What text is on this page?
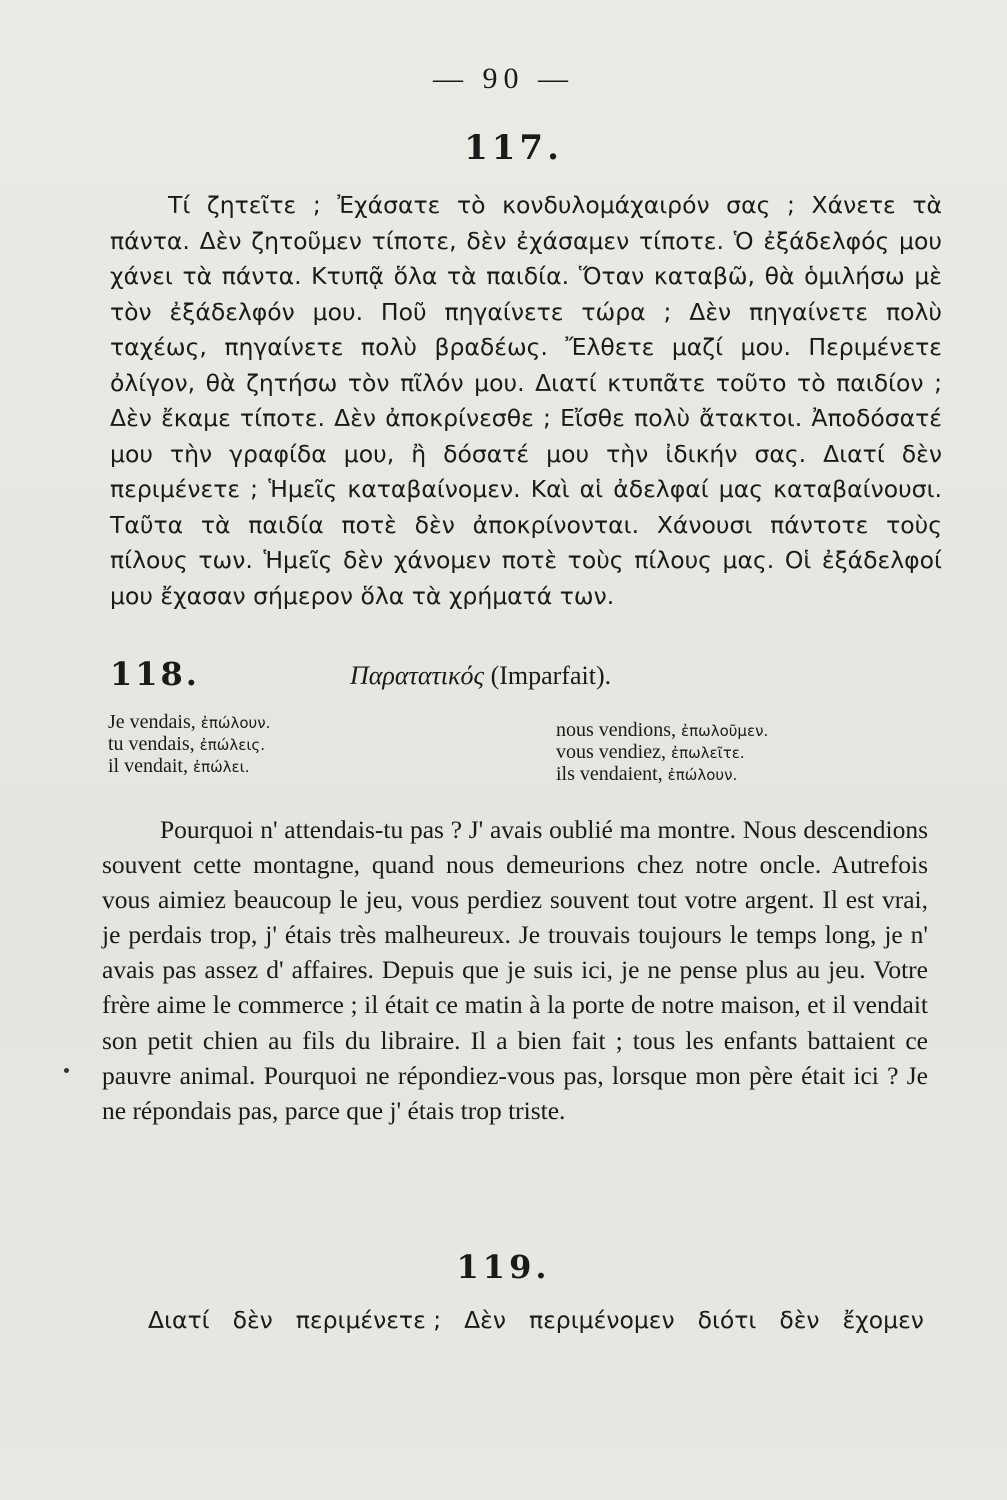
— 90 —
117.

Τί ζητεῖτε ; Ἐχάσατε τὸ κονδυλομάχαιρόν σας ; Χάνετε τὰ πάντα. Δὲν ζητοῦμεν τίποτε, δὲν ἐχάσαμεν τίποτε. Ὁ ἐξάδελφός μου χάνει τὰ πάντα. Κτυπᾷ ὅλα τὰ παιδία. Ὅταν καταβῶ, θὰ ὁμιλήσω μὲ τὸν ἐξάδελφόν μου. Ποῦ πηγαίνετε τώρα ; Δὲν πηγαίνετε πολὺ ταχέως, πηγαίνετε πολὺ βραδέως. Ἔλθετε μαζί μου. Περιμένετε ὀλίγον, θὰ ζητήσω τὸν πῖλόν μου. Διατί κτυπᾶτε τοῦτο τὸ παιδίον ; Δὲν ἔκαμε τίποτε. Δὲν ἀποκρίνεσθε ; Εἴσθε πολὺ ἄτακτοι. Ἀποδόσατέ μου τὴν γραφίδα μου, ἢ δόσατέ μου τὴν ἰδικήν σας. Διατί δὲν περιμένετε ; Ἡμεῖς καταβαίνομεν. Καὶ αἱ ἀδελφαί μας καταβαίνουσι. Ταῦτα τὰ παιδία ποτὲ δὲν ἀποκρίνονται. Χάνουσι πάντοτε τοὺς πίλους των. Ἡμεῖς δὲν χάνομεν ποτὲ τοὺς πίλους μας. Οἱ ἐξάδελφοί μου ἔχασαν σήμερον ὅλα τὰ χρήματά των.

118.	Παρατατικός (Imparfait).
Je vendais, ἐπώλουν.
tu vendais, ἐπώλεις.
il vendait, ἐπώλει.
nous vendions, ἐπωλοῦμεν.
vous vendiez, ἐπωλεῖτε.
ils vendaient, ἐπώλουν.

Pourquoi n' attendais-tu pas ? J' avais oublié ma montre. Nous descendions souvent cette montagne, quand nous demeurions chez notre oncle. Autrefois vous aimiez beaucoup le jeu, vous perdiez souvent tout votre argent. Il est vrai, je perdais trop, j' étais très malheureux. Je trouvais toujours le temps long, je n' avais pas assez d' affaires. Depuis que je suis ici, je ne pense plus au jeu. Votre frère aime le commerce ; il était ce matin à la porte de notre maison, et il vendait son petit chien au fils du libraire. Il a bien fait ; tous les enfants battaient ce pauvre animal. Pourquoi ne répondiez-vous pas, lorsque mon père était ici ? Je ne répondais pas, parce que j' étais trop triste.

119.
Διατί δὲν περιμένετε ; Δὲν περιμένομεν διότι δὲν ἔχομεν
